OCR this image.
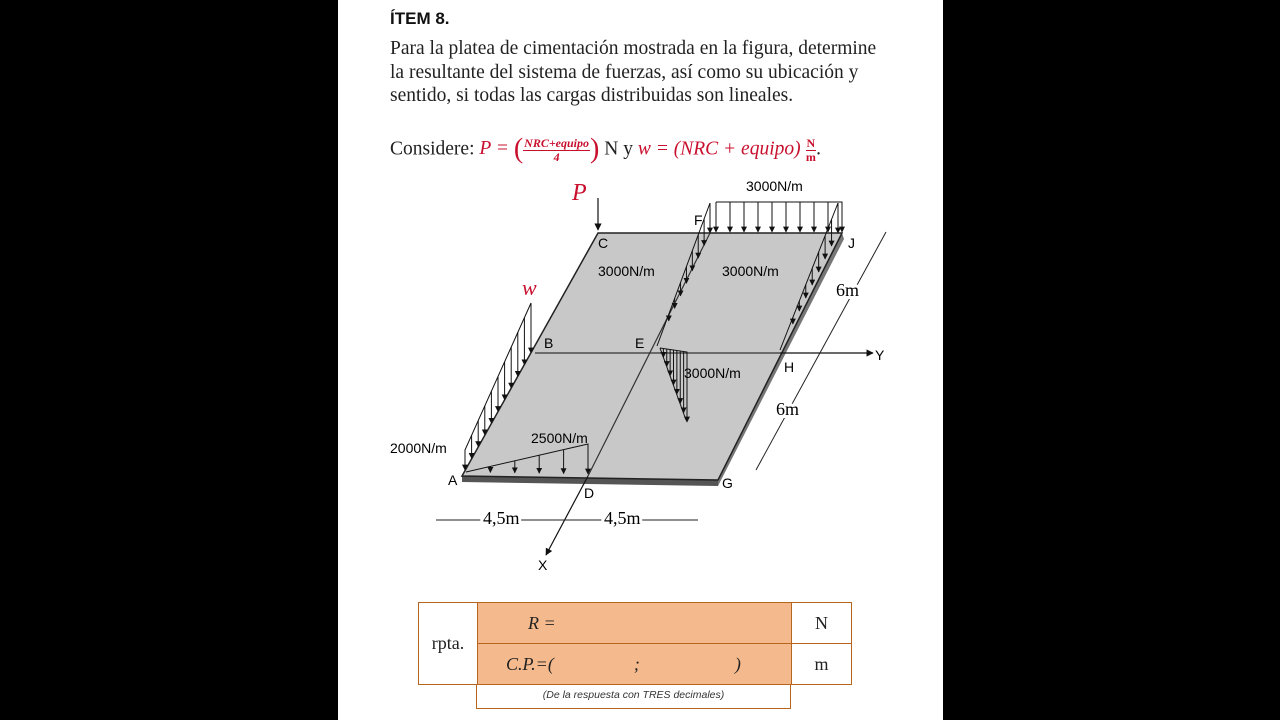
ÍTEM 8.
Para la platea de cimentación mostrada en la figura, determine la resultante del sistema de fuerzas, así como su ubicación y sentido, si todas las cargas distribuidas son lineales.
Considere: P = ( $\frac{\text{NRC+equipo}}{4}$ ) N y w = (NRC + equipo) $\frac{N}{m}$ .
P
w
A
B
C
D
E
F
G
H
J
Y
X
3000N/m
3000N/m	3000N/m
3000N/m
2500N/m
2000N/m
4,5m	4,5m
6m
6m
rpta.	R =	N
	C.P.=( ; )	m
(De la respuesta con TRES decimales)
